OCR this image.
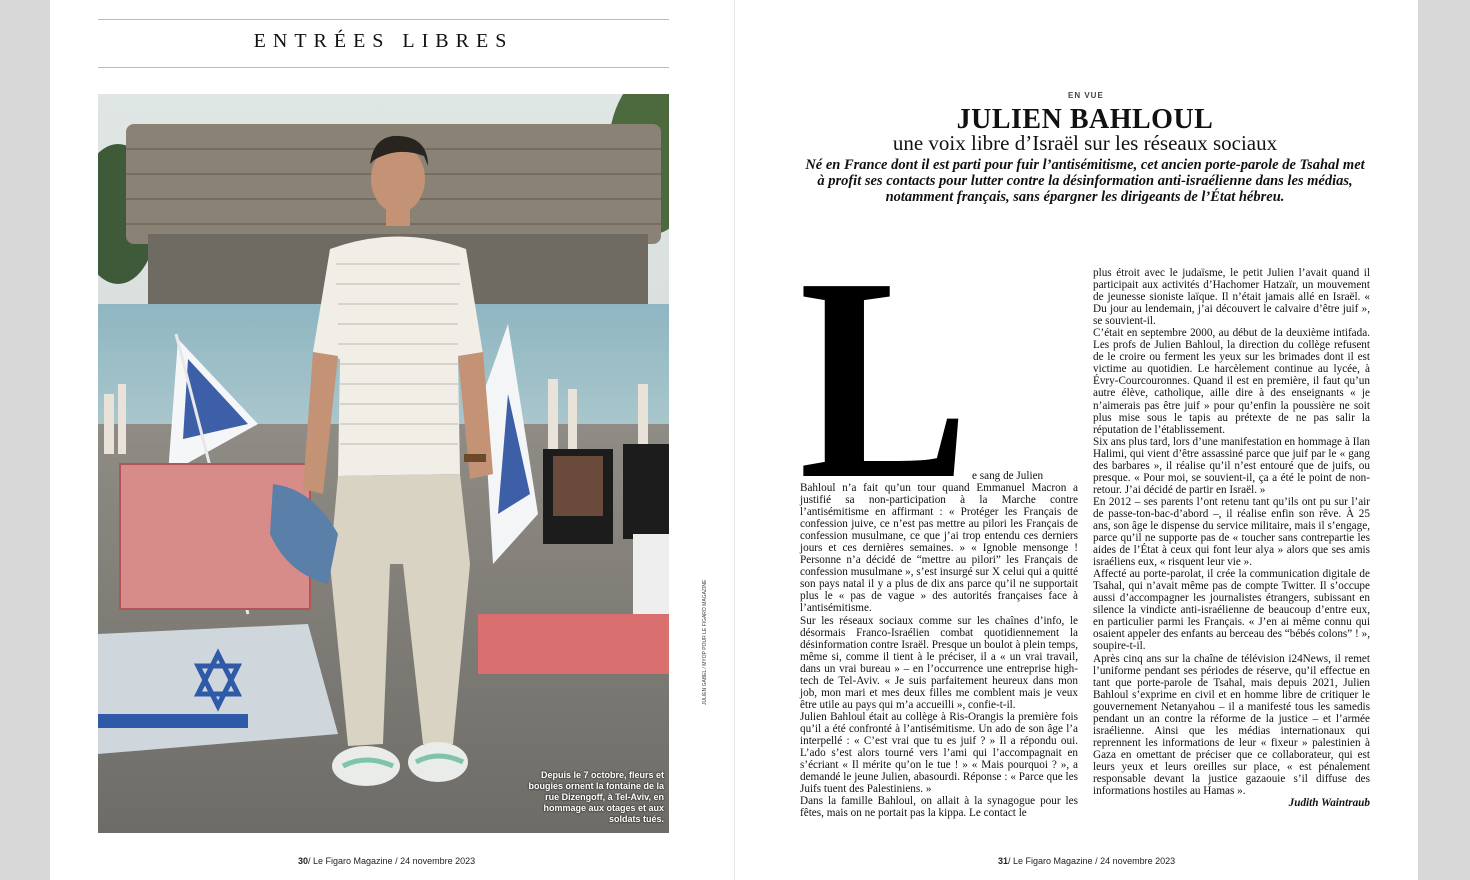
ENTRÉES LIBRES
Depuis le 7 octobre, fleurs et bougies ornent la fontaine de la rue Dizengoff, à Tel-Aviv, en hommage aux otages et aux soldats tués.
JULIEN GABEL / MYOP POUR LE FIGARO MAGAZINE
30/ Le Figaro Magazine / 24 novembre 2023
EN VUE
JULIEN BAHLOUL
une voix libre d’Israël sur les réseaux sociaux
Né en France dont il est parti pour fuir l’antisémitisme, cet ancien porte-parole de Tsahal met à profit ses contacts pour lutter contre la désinformation anti-israélienne dans les médias, notamment français, sans épargner les dirigeants de l’État hébreu.
L e sang de Julien

Bahloul n’a fait qu’un tour quand Emmanuel Macron a justifié sa non-participation à la Marche contre l’antisémitisme en affirmant : « Protéger les Français de confession juive, ce n’est pas mettre au pilori les Français de confession musulmane, ce que j’ai trop entendu ces derniers jours et ces dernières semaines. » « Ignoble mensonge ! Personne n’a décidé de “mettre au pilori” les Français de confession musulmane », s’est insurgé sur X celui qui a quitté son pays natal il y a plus de dix ans parce qu’il ne supportait plus le « pas de vague » des autorités françaises face à l’antisémitisme.

Sur les réseaux sociaux comme sur les chaînes d’info, le désormais Franco-Israélien combat quotidiennement la désinformation contre Israël. Presque un boulot à plein temps, même si, comme il tient à le préciser, il a « un vrai travail, dans un vrai bureau » – en l’occurrence une entreprise high-tech de Tel-Aviv. « Je suis parfaitement heureux dans mon job, mon mari et mes deux filles me comblent mais je veux être utile au pays qui m’a accueilli », confie-t-il.

Julien Bahloul était au collège à Ris-Orangis la première fois qu’il a été confronté à l’antisémitisme. Un ado de son âge l’a interpellé : « C’est vrai que tu es juif ? » Il a répondu oui. L’ado s’est alors tourné vers l’ami qui l’accompagnait en s’écriant « Il mérite qu’on le tue ! » « Mais pourquoi ? », a demandé le jeune Julien, abasourdi. Réponse : « Parce que les Juifs tuent des Palestiniens. »

Dans la famille Bahloul, on allait à la synagogue pour les fêtes, mais on ne portait pas la kippa. Le contact le

plus étroit avec le judaïsme, le petit Julien l’avait quand il participait aux activités d’Hachomer Hatzaïr, un mouvement de jeunesse sioniste laïque. Il n’était jamais allé en Israël. « Du jour au lendemain, j’ai découvert le calvaire d’être juif », se souvient-il.

C’était en septembre 2000, au début de la deuxième intifada. Les profs de Julien Bahloul, la direction du collège refusent de le croire ou ferment les yeux sur les brimades dont il est victime au quotidien. Le harcèlement continue au lycée, à Évry-Courcouronnes. Quand il est en première, il faut qu’un autre élève, catholique, aille dire à des enseignants « je n’aimerais pas être juif » pour qu’enfin la poussière ne soit plus mise sous le tapis au prétexte de ne pas salir la réputation de l’établissement.

Six ans plus tard, lors d’une manifestation en hommage à Ilan Halimi, qui vient d’être assassiné parce que juif par le « gang des barbares », il réalise qu’il n’est entouré que de juifs, ou presque. « Pour moi, se souvient-il, ça a été le point de non-retour. J’ai décidé de partir en Israël. »

En 2012 – ses parents l’ont retenu tant qu’ils ont pu sur l’air de passe-ton-bac-d’abord –, il réalise enfin son rêve. À 25 ans, son âge le dispense du service militaire, mais il s’engage, parce qu’il ne supporte pas de « toucher sans contrepartie les aides de l’État à ceux qui font leur alya » alors que ses amis israéliens eux, « risquent leur vie ».

Affecté au porte-parolat, il crée la communication digitale de Tsahal, qui n’avait même pas de compte Twitter. Il s’occupe aussi d’accompagner les journalistes étrangers, subissant en silence la vindicte anti-israélienne de beaucoup d’entre eux, en particulier parmi les Français. « J’en ai même connu qui osaient appeler des enfants au berceau des “bébés colons” ! », soupire-t-il.

Après cinq ans sur la chaîne de télévision i24News, il remet l’uniforme pendant ses périodes de réserve, qu’il effectue en tant que porte-parole de Tsahal, mais depuis 2021, Julien Bahloul s’exprime en civil et en homme libre de critiquer le gouvernement Netanyahou – il a manifesté tous les samedis pendant un an contre la réforme de la justice – et l’armée israélienne. Ainsi que les médias internationaux qui reprennent les informations de leur « fixeur » palestinien à Gaza en omettant de préciser que ce collaborateur, qui est leurs yeux et leurs oreilles sur place, « est pénalement responsable devant la justice gazaouie s’il diffuse des informations hostiles au Hamas ».

Judith Waintraub

31/ Le Figaro Magazine / 24 novembre 2023
